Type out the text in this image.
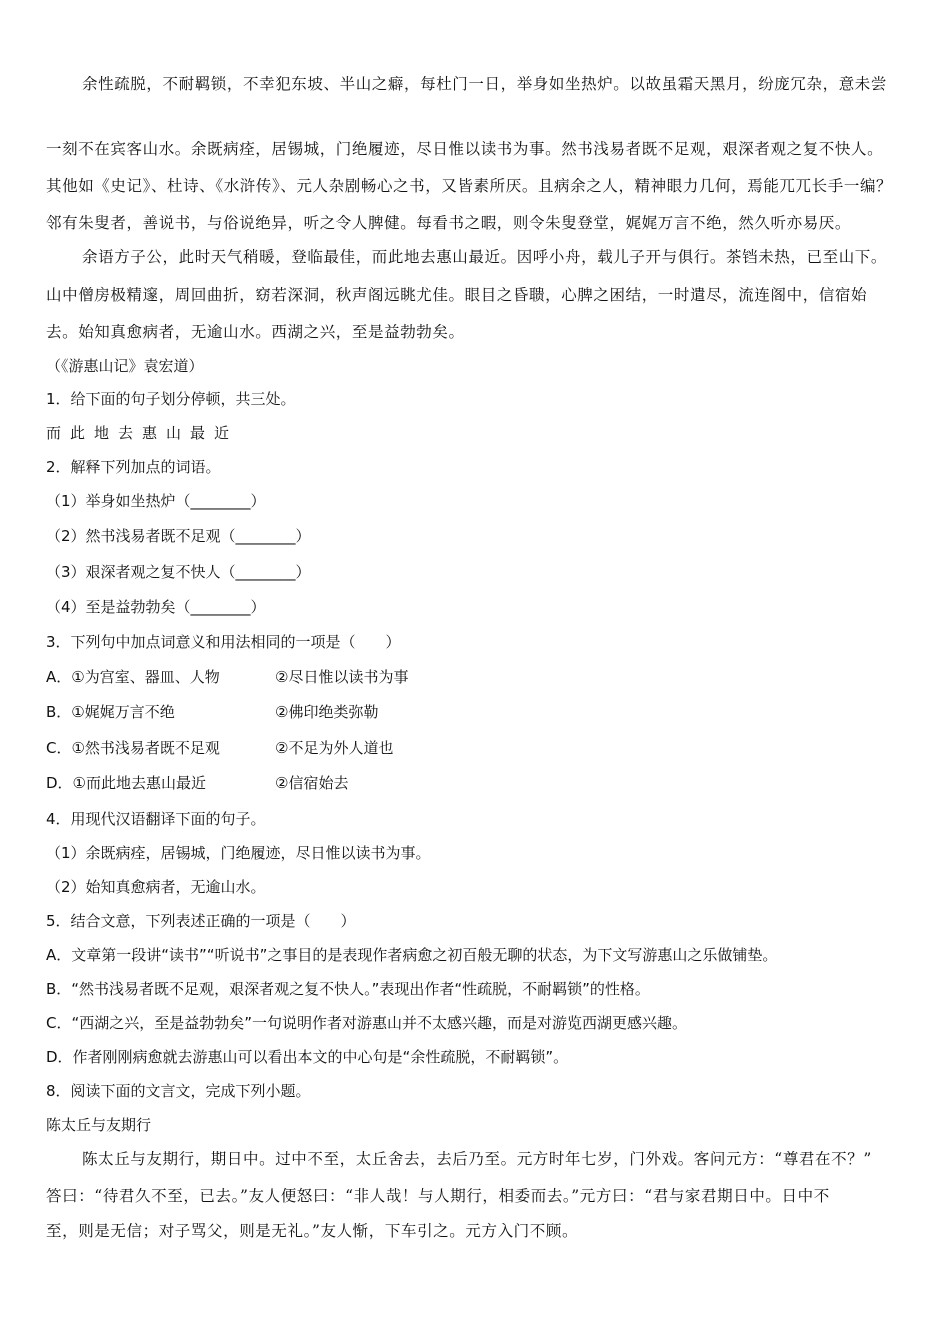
余性疏脱，不耐羁锁，不幸犯东坡、半山之癖，每杜门一日，举身如坐热炉。以故虽霜天黑月，纷庞冗杂，意未尝
一刻不在宾客山水。余既病痊，居锡城，门绝履迹，尽日惟以读书为事。然书浅易者既不足观，艰深者观之复不快人。
其他如《史记》、杜诗、《水浒传》、元人杂剧畅心之书，又皆素所厌。且病余之人，精神眼力几何，焉能兀兀长手一编？
邻有朱叟者，善说书，与俗说绝异，听之令人脾健。每看书之暇，则令朱叟登堂，娓娓万言不绝，然久听亦易厌。
余语方子公，此时天气稍暖，登临最佳，而此地去惠山最近。因呼小舟，载儿子开与俱行。茶铛未热，已至山下。
山中僧房极精邃，周回曲折，窈若深洞，秋声阁远眺尤佳。眼目之昏聩，心脾之困结，一时遣尽，流连阁中，信宿始
去。始知真愈病者，无逾山水。西湖之兴，至是益勃勃矣。
（《游惠山记》袁宏道）
1．给下面的句子划分停顿，共三处。
而此地去惠山最近
2．解释下列加点的词语。
（1）举身如坐热炉（________）
（2）然书浅易者既不足观（________）
（3）艰深者观之复不快人（________）
（4）至是益勃勃矣（________）
3．下列句中加点词意义和用法相同的一项是（　　）
A．①为宫室、器皿、人物	②尽日惟以读书为事
B．①娓娓万言不绝	②佛印绝类弥勒
C．①然书浅易者既不足观	②不足为外人道也
D．①而此地去惠山最近	②信宿始去
4．用现代汉语翻译下面的句子。
（1）余既病痊，居锡城，门绝履迹，尽日惟以读书为事。
（2）始知真愈病者，无逾山水。
5．结合文意，下列表述正确的一项是（　　）
A．文章第一段讲“读书”“听说书”之事目的是表现作者病愈之初百般无聊的状态，为下文写游惠山之乐做铺垫。
B．“然书浅易者既不足观，艰深者观之复不快人。”表现出作者“性疏脱，不耐羁锁”的性格。
C．“西湖之兴，至是益勃勃矣”一句说明作者对游惠山并不太感兴趣，而是对游览西湖更感兴趣。
D．作者刚刚病愈就去游惠山可以看出本文的中心句是“余性疏脱，不耐羁锁”。
8．阅读下面的文言文，完成下列小题。
陈太丘与友期行
陈太丘与友期行，期日中。过中不至，太丘舍去，去后乃至。元方时年七岁，门外戏。客问元方：“尊君在不？”
答曰：“待君久不至，已去。”友人便怒曰：“非人哉！与人期行，相委而去。”元方曰：“君与家君期日中。日中不
至，则是无信；对子骂父，则是无礼。”友人惭，下车引之。元方入门不顾。
